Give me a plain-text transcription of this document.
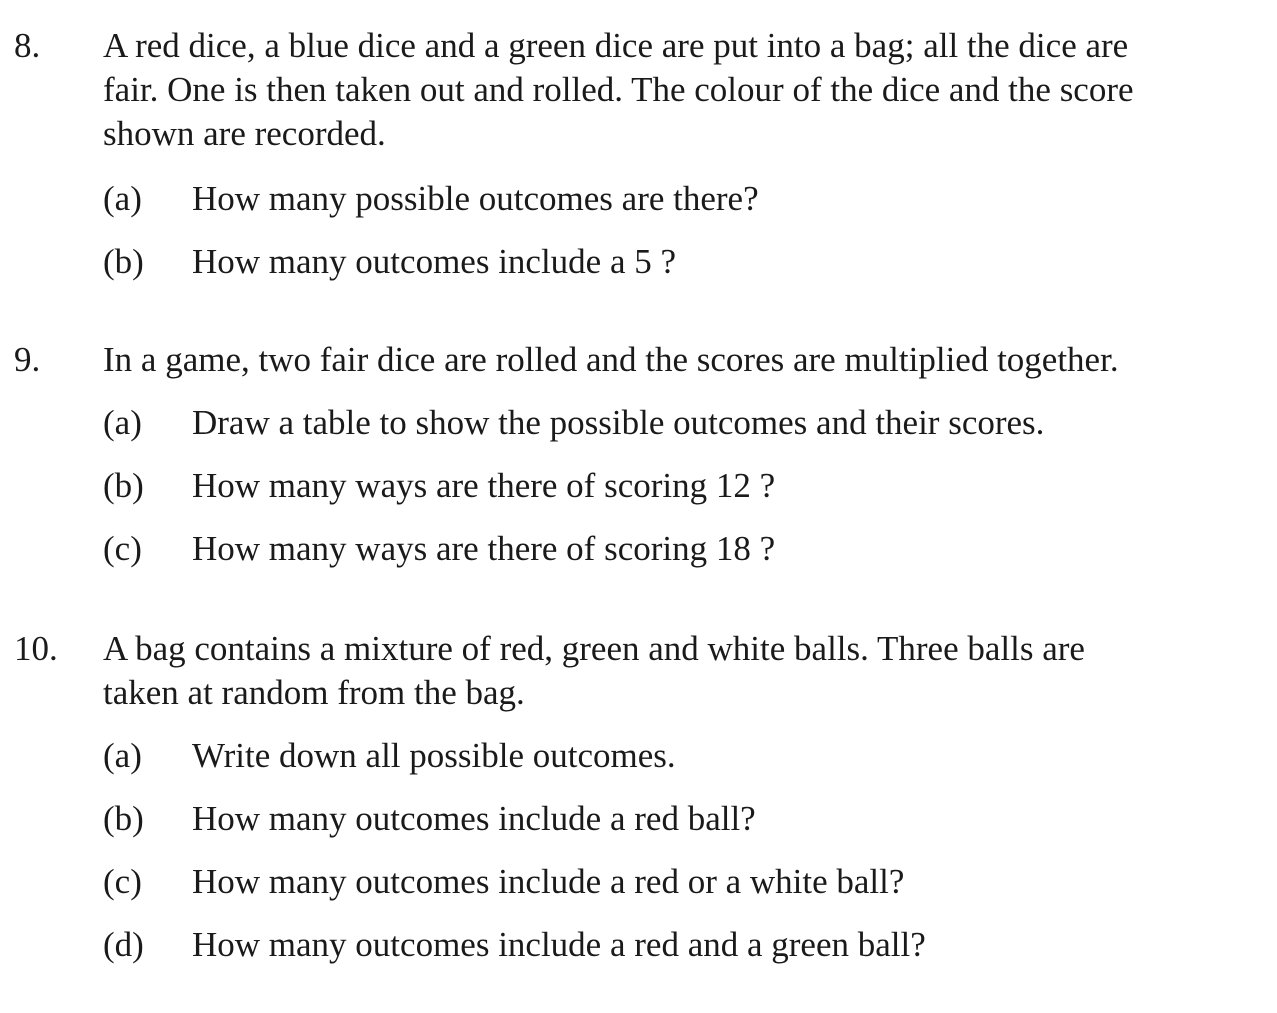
8. A red dice, a blue dice and a green dice are put into a bag; all the dice are
fair. One is then taken out and rolled. The colour of the dice and the score
shown are recorded.
(a) How many possible outcomes are there?
(b) How many outcomes include a 5 ?
9. In a game, two fair dice are rolled and the scores are multiplied together.
(a) Draw a table to show the possible outcomes and their scores.
(b) How many ways are there of scoring 12 ?
(c) How many ways are there of scoring 18 ?
10. A bag contains a mixture of red, green and white balls. Three balls are
taken at random from the bag.
(a) Write down all possible outcomes.
(b) How many outcomes include a red ball?
(c) How many outcomes include a red or a white ball?
(d) How many outcomes include a red and a green ball?
